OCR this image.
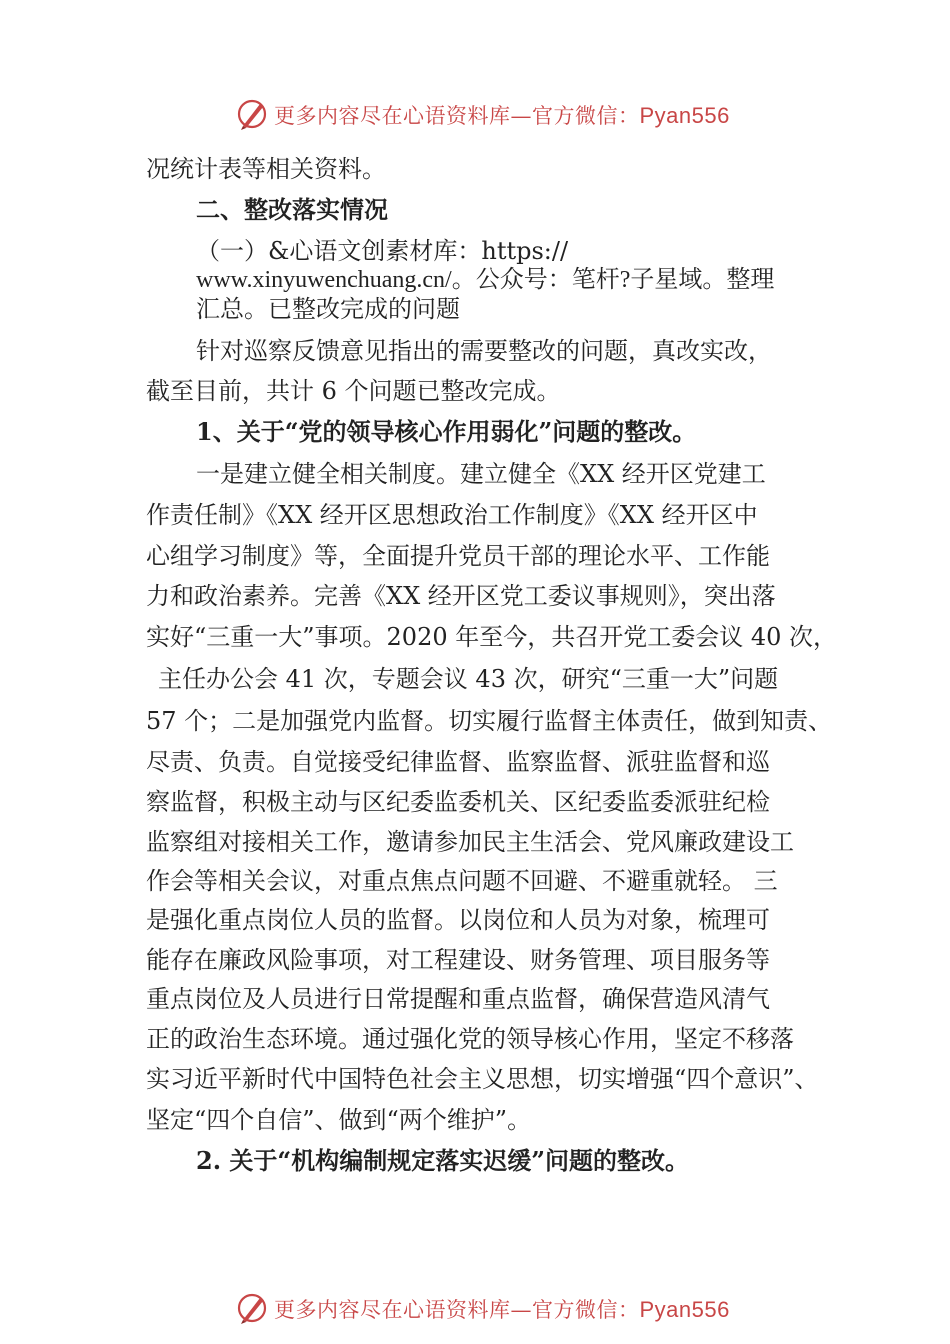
更多内容尽在心语资料库—官方微信：Pyan556
况统计表等相关资料。
二、整改落实情况
（一）&心语文创素材库：https://
www.xinyuwenchuang.cn/。公众号：笔杆?子星域。整理
汇总。已整改完成的问题
针对巡察反馈意见指出的需要整改的问题，真改实改，
截至目前，共计 6 个问题已整改完成。
1、关于“党的领导核心作用弱化”问题的整改。
一是建立健全相关制度。建立健全《XX 经开区党建工
作责任制》《XX 经开区思想政治工作制度》《XX 经开区中
心组学习制度》等，全面提升党员干部的理论水平、工作能
力和政治素养。完善《XX 经开区党工委议事规则》，突出落
实好“三重一大”事项。2020 年至今，共召开党工委会议 40 次，
主任办公会 41 次，专题会议 43 次，研究“三重一大”问题
57 个；二是加强党内监督。切实履行监督主体责任，做到知责、
尽责、负责。自觉接受纪律监督、监察监督、派驻监督和巡
察监督，积极主动与区纪委监委机关、区纪委监委派驻纪检
监察组对接相关工作，邀请参加民主生活会、党风廉政建设工
作会等相关会议，对重点焦点问题不回避、不避重就轻。 三
是强化重点岗位人员的监督。以岗位和人员为对象，梳理可
能存在廉政风险事项，对工程建设、财务管理、项目服务等
重点岗位及人员进行日常提醒和重点监督，确保营造风清气
正的政治生态环境。通过强化党的领导核心作用，坚定不移落
实习近平新时代中国特色社会主义思想，切实增强“四个意识”、
坚定“四个自信”、做到“两个维护”。
2. 关于“机构编制规定落实迟缓”问题的整改。
更多内容尽在心语资料库—官方微信：Pyan556
